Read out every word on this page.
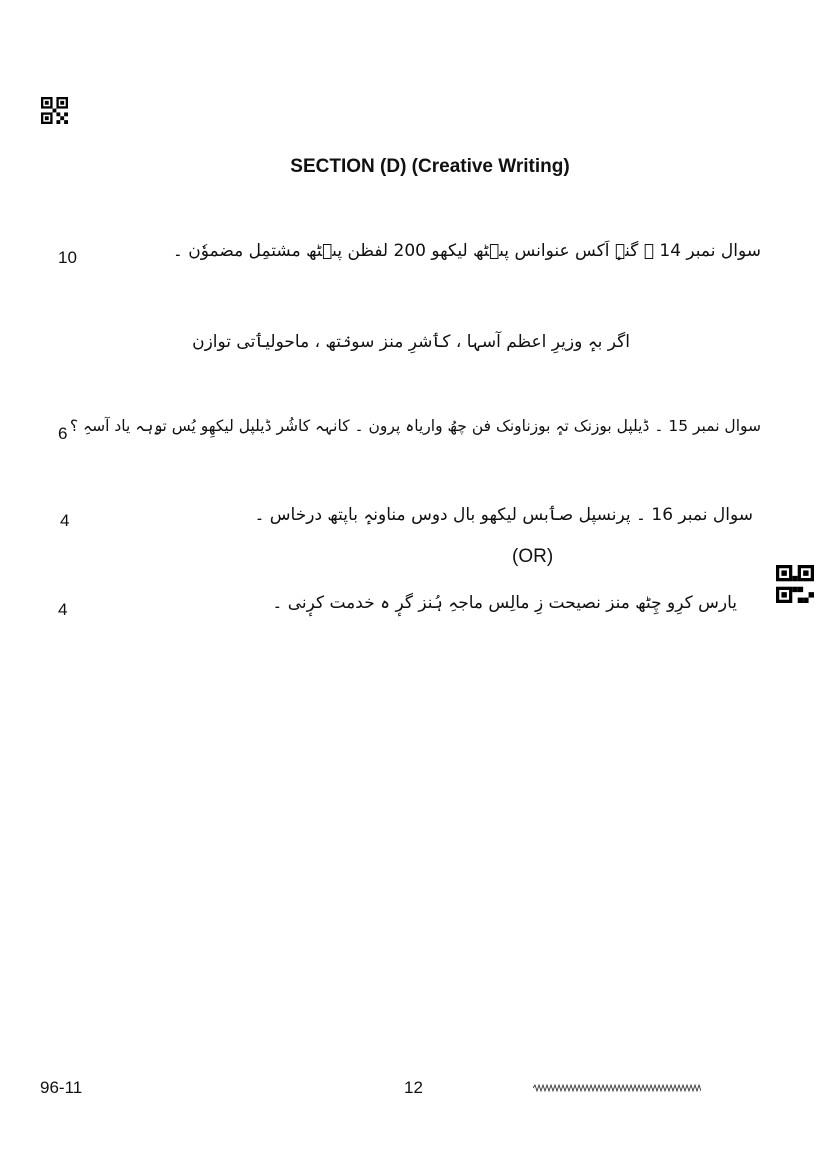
SECTION (D) (Creative Writing)
سوال نمبر 14 ۔ گنہٕ اَکس عنوانس پٮ۪ٹھ لیکھو 200 لفظن پٮ۪ٹھ مشتمِل مضموٗن ۔
10
اگر بہٕ وزیرِ اعظم آسہا ، کٲشرِ منز سونٛتھ ، ماحولیٲتی توازن
سوال نمبر 15 ۔ ڈیلپل بوزنک تہٕ بوزناونک فن چھُ واریاہ پرون ۔ کانہہ کاشُر ڈیلپل لیکھِو یُس تۄہہ یاد آسہِ ؟
6
سوال نمبر 16 ۔ پرنسپل صٲبس لیکھو بال دوس مناونہٕ باپتھ درخاس ۔
4
(OR)
یارس کرِو چِٹھ منز نصیحت زِ مالِس ماجہِ ہُنز گرٕ ہ خدمت کرٕنی ۔
4
96-11	12
